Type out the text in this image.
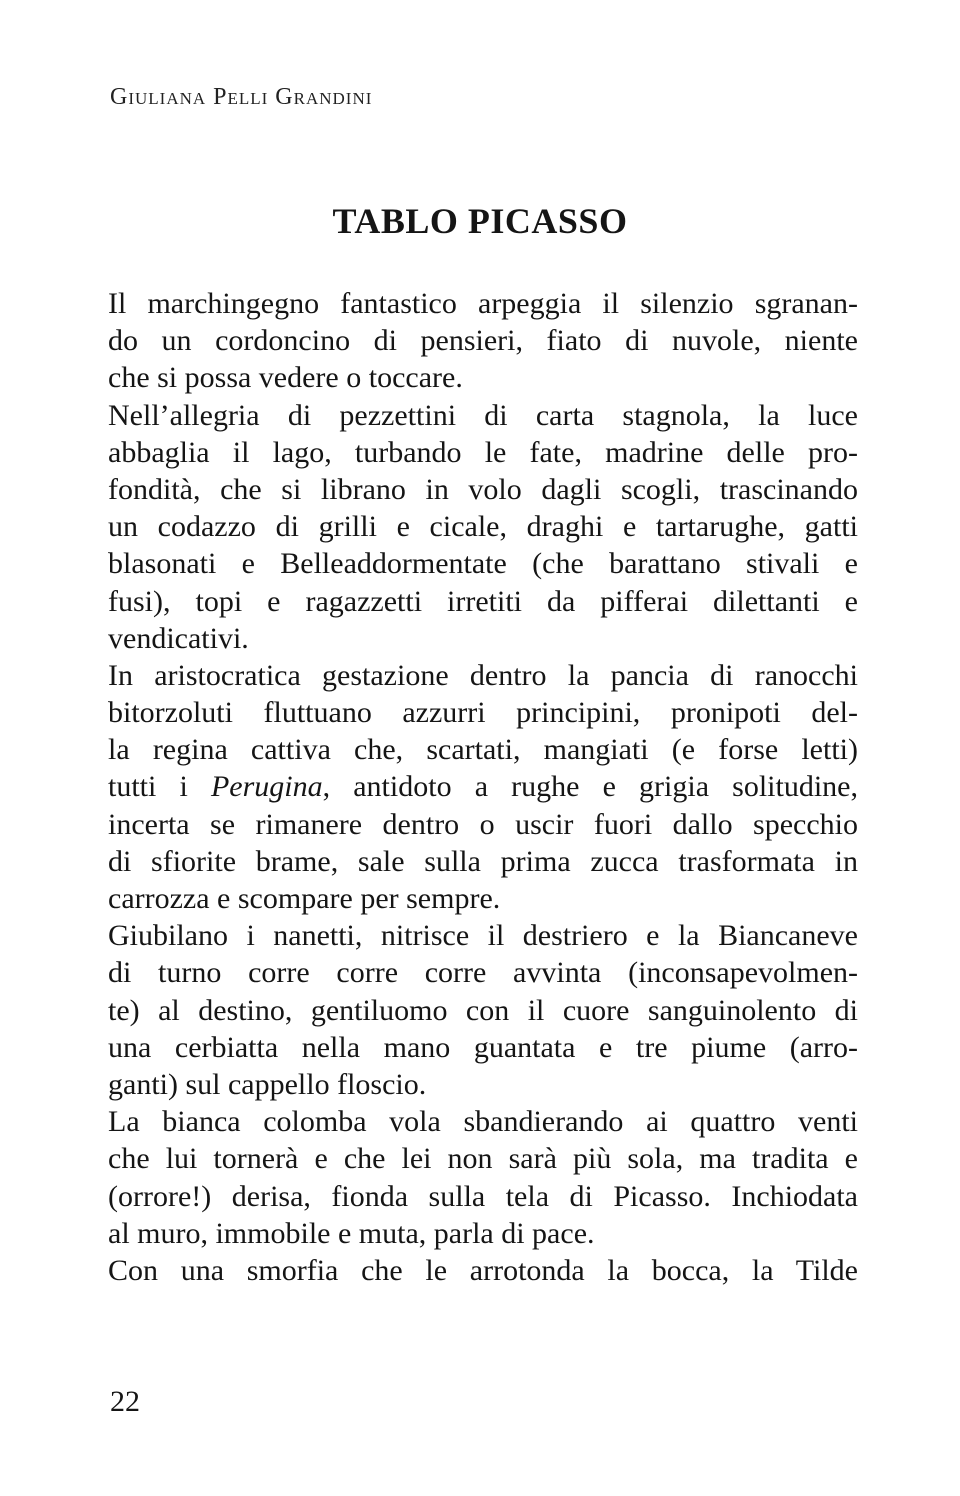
Giuliana Pelli Grandini
TABLO PICASSO
Il marchingegno fantastico arpeggia il silenzio sgranan-
do un cordoncino di pensieri, fiato di nuvole, niente
che si possa vedere o toccare.
Nell’allegria di pezzettini di carta stagnola, la luce
abbaglia il lago, turbando le fate, madrine delle pro-
fondità, che si librano in volo dagli scogli, trascinando
un codazzo di grilli e cicale, draghi e tartarughe, gatti
blasonati e Belleaddormentate (che barattano stivali e
fusi), topi e ragazzetti irretiti da pifferai dilettanti e
vendicativi.
In aristocratica gestazione dentro la pancia di ranocchi
bitorzoluti fluttuano azzurri principini, pronipoti del-
la regina cattiva che, scartati, mangiati (e forse letti)
tutti i Perugina, antidoto a rughe e grigia solitudine,
incerta se rimanere dentro o uscir fuori dallo specchio
di sfiorite brame, sale sulla prima zucca trasformata in
carrozza e scompare per sempre.
Giubilano i nanetti, nitrisce il destriero e la Biancaneve
di turno corre corre corre avvinta (inconsapevolmen-
te) al destino, gentiluomo con il cuore sanguinolento di
una cerbiatta nella mano guantata e tre piume (arro-
ganti) sul cappello floscio.
La bianca colomba vola sbandierando ai quattro venti
che lui tornerà e che lei non sarà più sola, ma tradita e
(orrore!) derisa, fionda sulla tela di Picasso. Inchiodata
al muro, immobile e muta, parla di pace.
Con una smorfia che le arrotonda la bocca, la Tilde
22
